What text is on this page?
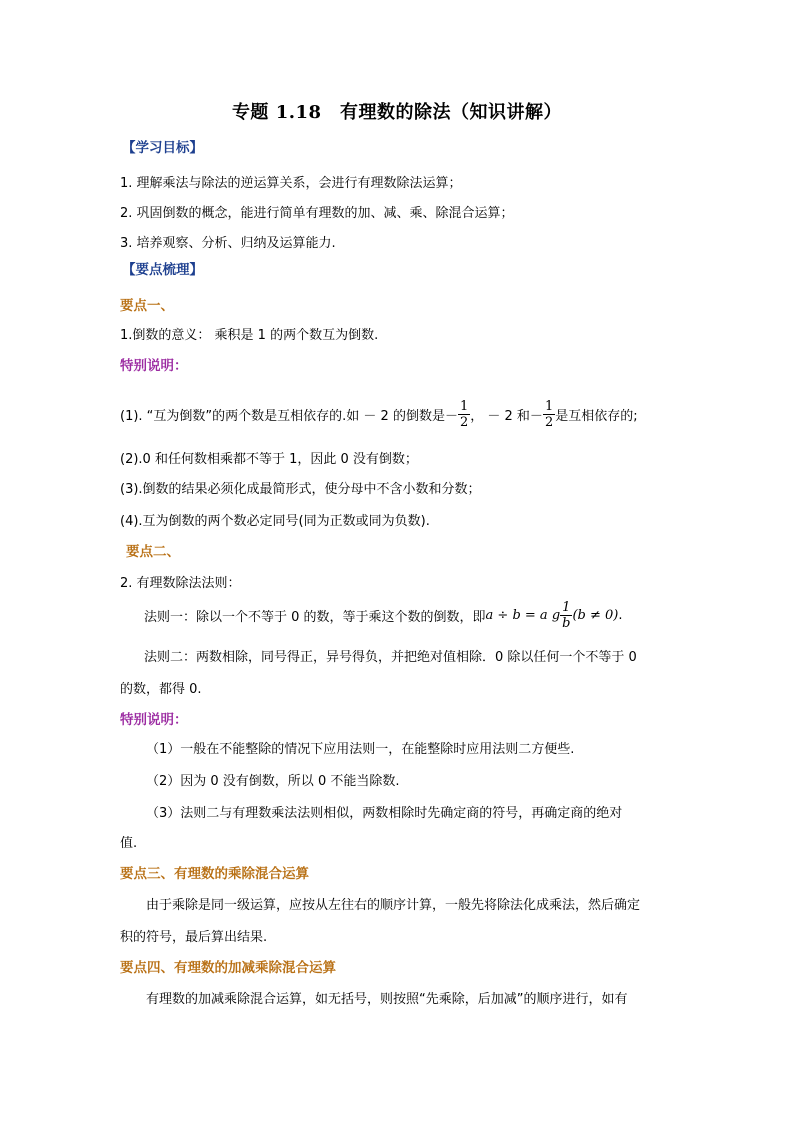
专题 1.18　有理数的除法（知识讲解）
【学习目标】
1. 理解乘法与除法的逆运算关系，会进行有理数除法运算；
2. 巩固倒数的概念，能进行简单有理数的加、减、乘、除混合运算；
3. 培养观察、分析、归纳及运算能力.
【要点梳理】
要点一、
1.倒数的意义： 乘积是 1 的两个数互为倒数.
特别说明：
(1). “互为倒数”的两个数是互相依存的.如 － 2 的倒数是 － $\frac{1}{2}$ ， － 2 和 － $\frac{1}{2}$ 是互相依存的;
(2).0 和任何数相乘都不等于 1，因此 0 没有倒数；
(3).倒数的结果必须化成最简形式，使分母中不含小数和分数；
(4).互为倒数的两个数必定同号(同为正数或同为负数).
要点二、
2. 有理数除法法则：
法则一：除以一个不等于 0 的数，等于乘这个数的倒数，即 a ÷ b = a g $\frac{1}{b} (b \ne 0)$ .
法则二：两数相除，同号得正，异号得负，并把绝对值相除．0 除以任何一个不等于 0
的数，都得 0.
特别说明：
（1）一般在不能整除的情况下应用法则一，在能整除时应用法则二方便些.
（2）因为 0 没有倒数，所以 0 不能当除数.
（3）法则二与有理数乘法法则相似，两数相除时先确定商的符号，再确定商的绝对
值.
要点三、有理数的乘除混合运算
由于乘除是同一级运算，应按从左往右的顺序计算，一般先将除法化成乘法，然后确定
积的符号，最后算出结果.
要点四、有理数的加减乘除混合运算
有理数的加减乘除混合运算，如无括号，则按照“先乘除，后加减”的顺序进行，如有
